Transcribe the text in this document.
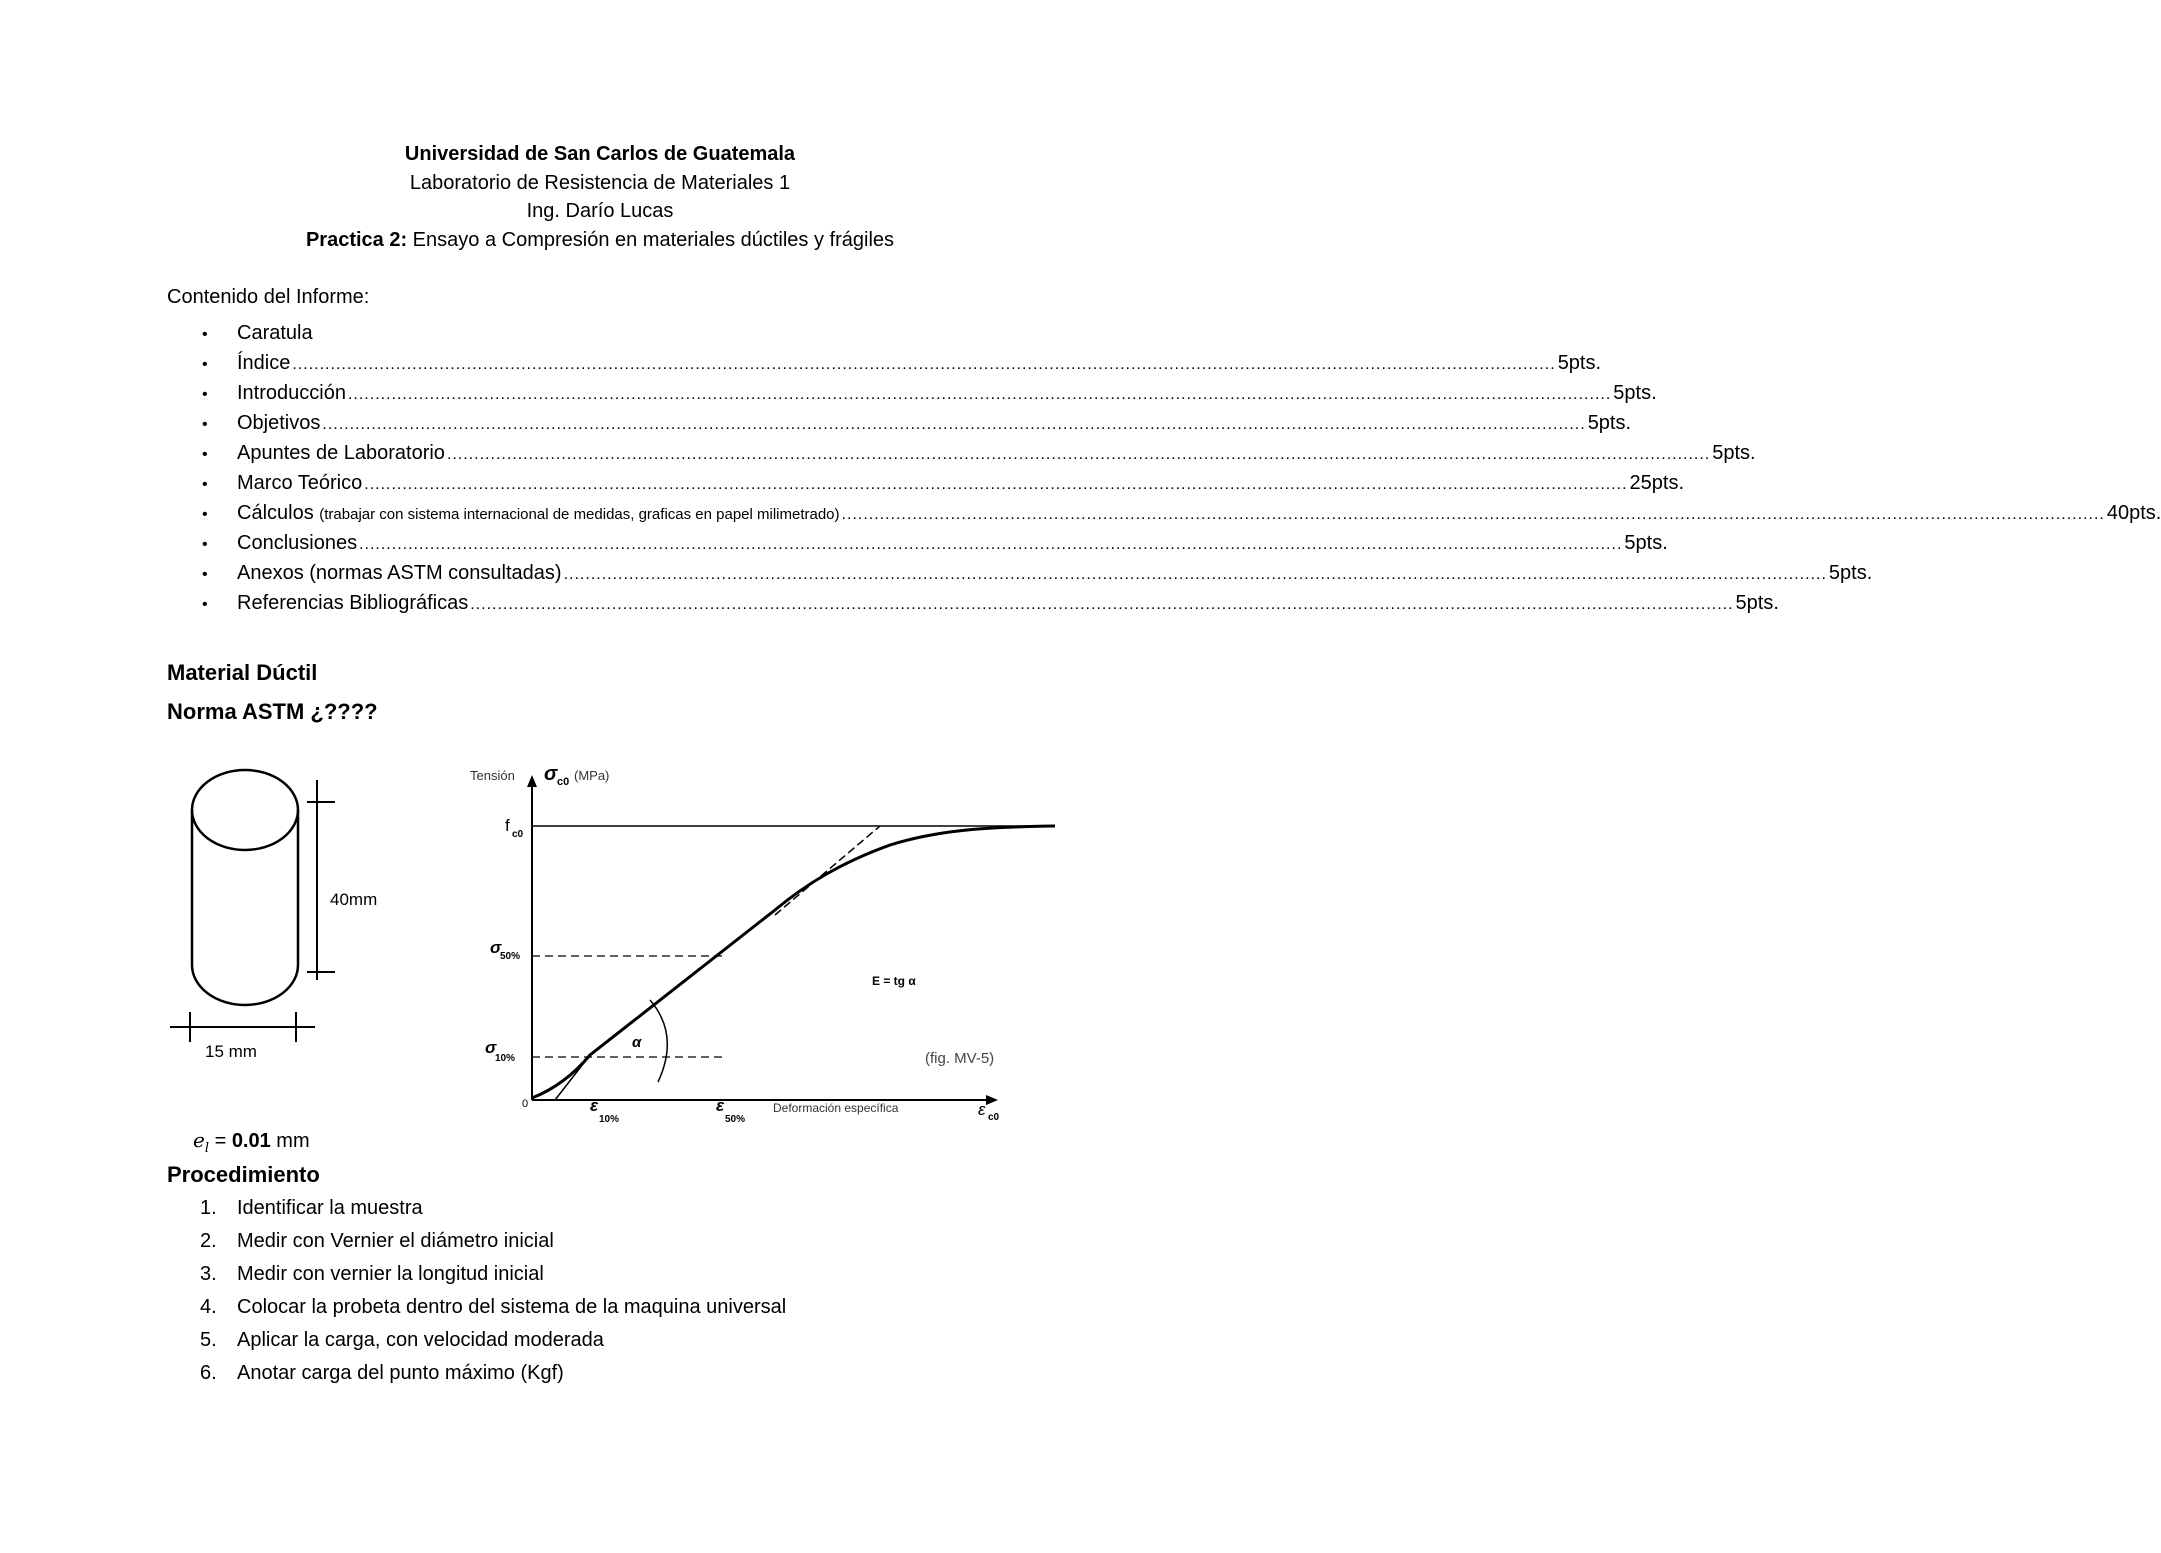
Universidad de San Carlos de Guatemala
Laboratorio de Resistencia de Materiales 1
Ing. Darío Lucas
Practica 2: Ensayo a Compresión en materiales dúctiles y frágiles
Contenido del Informe:
•	Caratula
•	Índice .....	5pts.
•	Introducción .....	5pts.
•	Objetivos .....	5pts.
•	Apuntes de Laboratorio .....	5pts.
•	Marco Teórico .....	25pts.
•	Cálculos (trabajar con sistema internacional de medidas, graficas en papel milimetrado) .....	40pts.
•	Conclusiones .....	5pts.
•	Anexos (normas ASTM consultadas) .....	5pts.
•	Referencias Bibliográficas .....	5pts.
Material Dúctil
Norma ASTM ¿????
40mm
15 mm
Tensión σ c0 (MPa)
f c0
σ
50%
σ
10%
α
E = tg α
(fig. MV-5)
0	ε
10%
ε
50%
Deformación específica	ε c0
$e_l = 0.01$ mm
Procedimiento
1. Identificar la muestra
2. Medir con Vernier el diámetro inicial
3. Medir con vernier la longitud inicial
4. Colocar la probeta dentro del sistema de la maquina universal
5. Aplicar la carga, con velocidad moderada
6. Anotar carga del punto máximo (Kgf)
